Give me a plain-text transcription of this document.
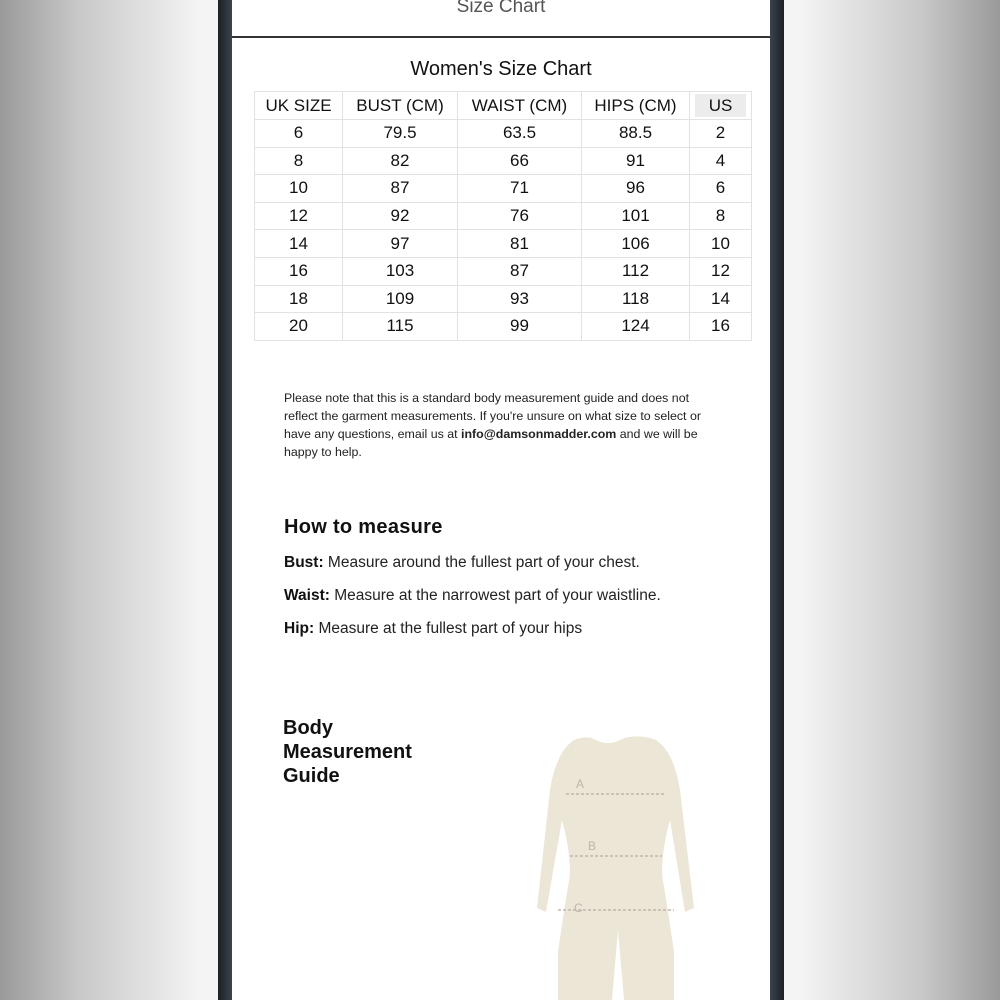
Size Chart
Women's Size Chart
UK SIZE	BUST (CM)	WAIST (CM)	HIPS (CM)	US
6	79.5	63.5	88.5	2
8	82	66	91	4
10	87	71	96	6
12	92	76	101	8
14	97	81	106	10
16	103	87	112	12
18	109	93	118	14
20	115	99	124	16
Please note that this is a standard body measurement guide and does not reflect the garment measurements. If you're unsure on what size to select or have any questions, email us at info@damsonmadder.com and we will be happy to help.
How to measure
Bust: Measure around the fullest part of your chest.
Waist: Measure at the narrowest part of your waistline.
Hip: Measure at the fullest part of your hips
Body Measurement Guide	A
B
C
